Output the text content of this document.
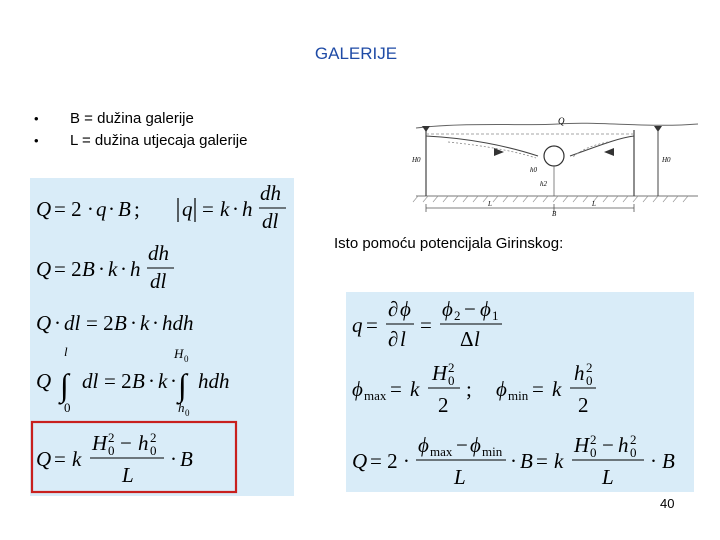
GALERIJE
• B = dužina galerije
• L = dužina utjecaja galerije
Q
H0	H0
h0
h2
L	L
B
Isto pomoću potencijala Girinskog:
Q = 2 · q · B ; q = k · h
dh
dl
Q = 2 B · k · h
dh
dl
Q · dl = 2 B · k · hdh
Q
l
∫
0
dl = 2 B · k ·
H 0
∫
h 0
hdh
Q = k
H 2
0 − h 2
0
L
· B
q =
∂ ϕ
∂ l
=
ϕ 2 − ϕ 1
Δ l
ϕ max = k
H 2
0
2
; ϕ min = k
h 2
0
2
Q = 2 ·
ϕ max − ϕ min
L
· B = k
H 2
0 − h 2
0
L
· B
40
